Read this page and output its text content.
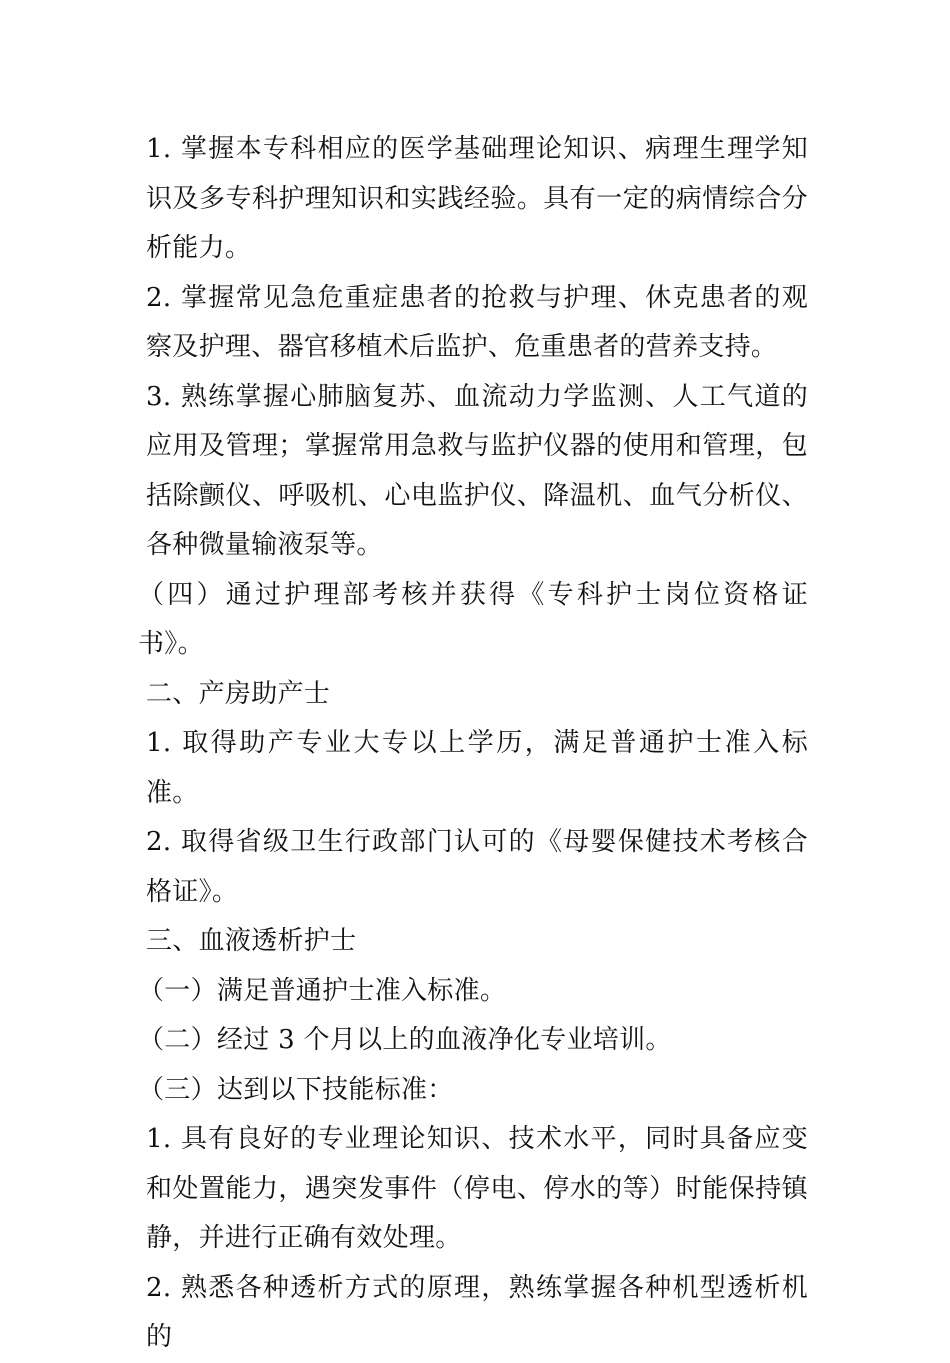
1. 掌握本专科相应的医学基础理论知识、病理生理学知识及多专科护理知识和实践经验。具有一定的病情综合分析能力。

2. 掌握常见急危重症患者的抢救与护理、休克患者的观察及护理、器官移植术后监护、危重患者的营养支持。

3. 熟练掌握心肺脑复苏、血流动力学监测、人工气道的应用及管理；掌握常用急救与监护仪器的使用和管理，包括除颤仪、呼吸机、心电监护仪、降温机、血气分析仪、各种微量输液泵等。

（四）通过护理部考核并获得《专科护士岗位资格证书》。

二、产房助产士

1. 取得助产专业大专以上学历，满足普通护士准入标准。

2. 取得省级卫生行政部门认可的《母婴保健技术考核合格证》。

三、血液透析护士

（一）满足普通护士准入标准。

（二）经过 3 个月以上的血液净化专业培训。

（三）达到以下技能标准：

1. 具有良好的专业理论知识、技术水平，同时具备应变和处置能力，遇突发事件（停电、停水的等）时能保持镇静，并进行正确有效处理。

2. 熟悉各种透析方式的原理，熟练掌握各种机型透析机的
